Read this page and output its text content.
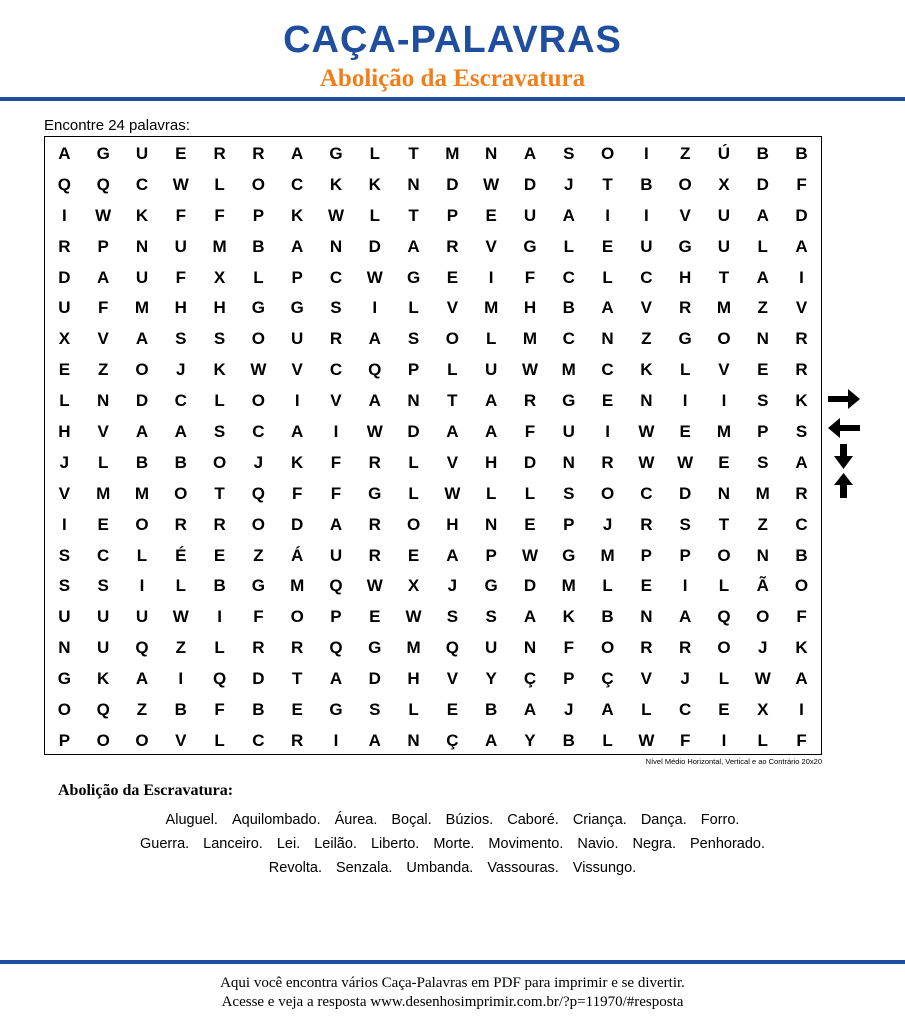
CAÇA-PALAVRAS
Abolição da Escravatura
Encontre 24 palavras:
A	G	U	E	R	R	A	G	L	T	M	N	A	S	O	I	Z	Ú	B	B
Q	Q	C	W	L	O	C	K	K	N	D	W	D	J	T	B	O	X	D	F
I	W	K	F	F	P	K	W	L	T	P	E	U	A	I	I	V	U	A	D
R	P	N	U	M	B	A	N	D	A	R	V	G	L	E	U	G	U	L	A
D	A	U	F	X	L	P	C	W	G	E	I	F	C	L	C	H	T	A	I
U	F	M	H	H	G	G	S	I	L	V	M	H	B	A	V	R	M	Z	V
X	V	A	S	S	O	U	R	A	S	O	L	M	C	N	Z	G	O	N	R
E	Z	O	J	K	W	V	C	Q	P	L	U	W	M	C	K	L	V	E	R
L	N	D	C	L	O	I	V	A	N	T	A	R	G	E	N	I	I	S	K
H	V	A	A	S	C	A	I	W	D	A	A	F	U	I	W	E	M	P	S
J	L	B	B	O	J	K	F	R	L	V	H	D	N	R	W	W	E	S	A
V	M	M	O	T	Q	F	F	G	L	W	L	L	S	O	C	D	N	M	R
I	E	O	R	R	O	D	A	R	O	H	N	E	P	J	R	S	T	Z	C
S	C	L	É	E	Z	Á	U	R	E	A	P	W	G	M	P	P	O	N	B
S	S	I	L	B	G	M	Q	W	X	J	G	D	M	L	E	I	L	Ã	O
U	U	U	W	I	F	O	P	E	W	S	S	A	K	B	N	A	Q	O	F
N	U	Q	Z	L	R	R	Q	G	M	Q	U	N	F	O	R	R	O	J	K
G	K	A	I	Q	D	T	A	D	H	V	Y	Ç	P	Ç	V	J	L	W	A
O	Q	Z	B	F	B	E	G	S	L	E	B	A	J	A	L	C	E	X	I
P	O	O	V	L	C	R	I	A	N	Ç	A	Y	B	L	W	F	I	L	F
Nível Médio Horizontal, Vertical e ao Contrário 20x20
Abolição da Escravatura:
Aluguel. Aquilombado. Áurea. Boçal. Búzios. Caboré. Criança. Dança. Forro.
Guerra. Lanceiro. Lei. Leilão. Liberto. Morte. Movimento. Navio. Negra. Penhorado.
Revolta. Senzala. Umbanda. Vassouras. Vissungo.
Aqui você encontra vários Caça-Palavras em PDF para imprimir e se divertir.
Acesse e veja a resposta www.desenhosimprimir.com.br/?p=11970/#resposta
